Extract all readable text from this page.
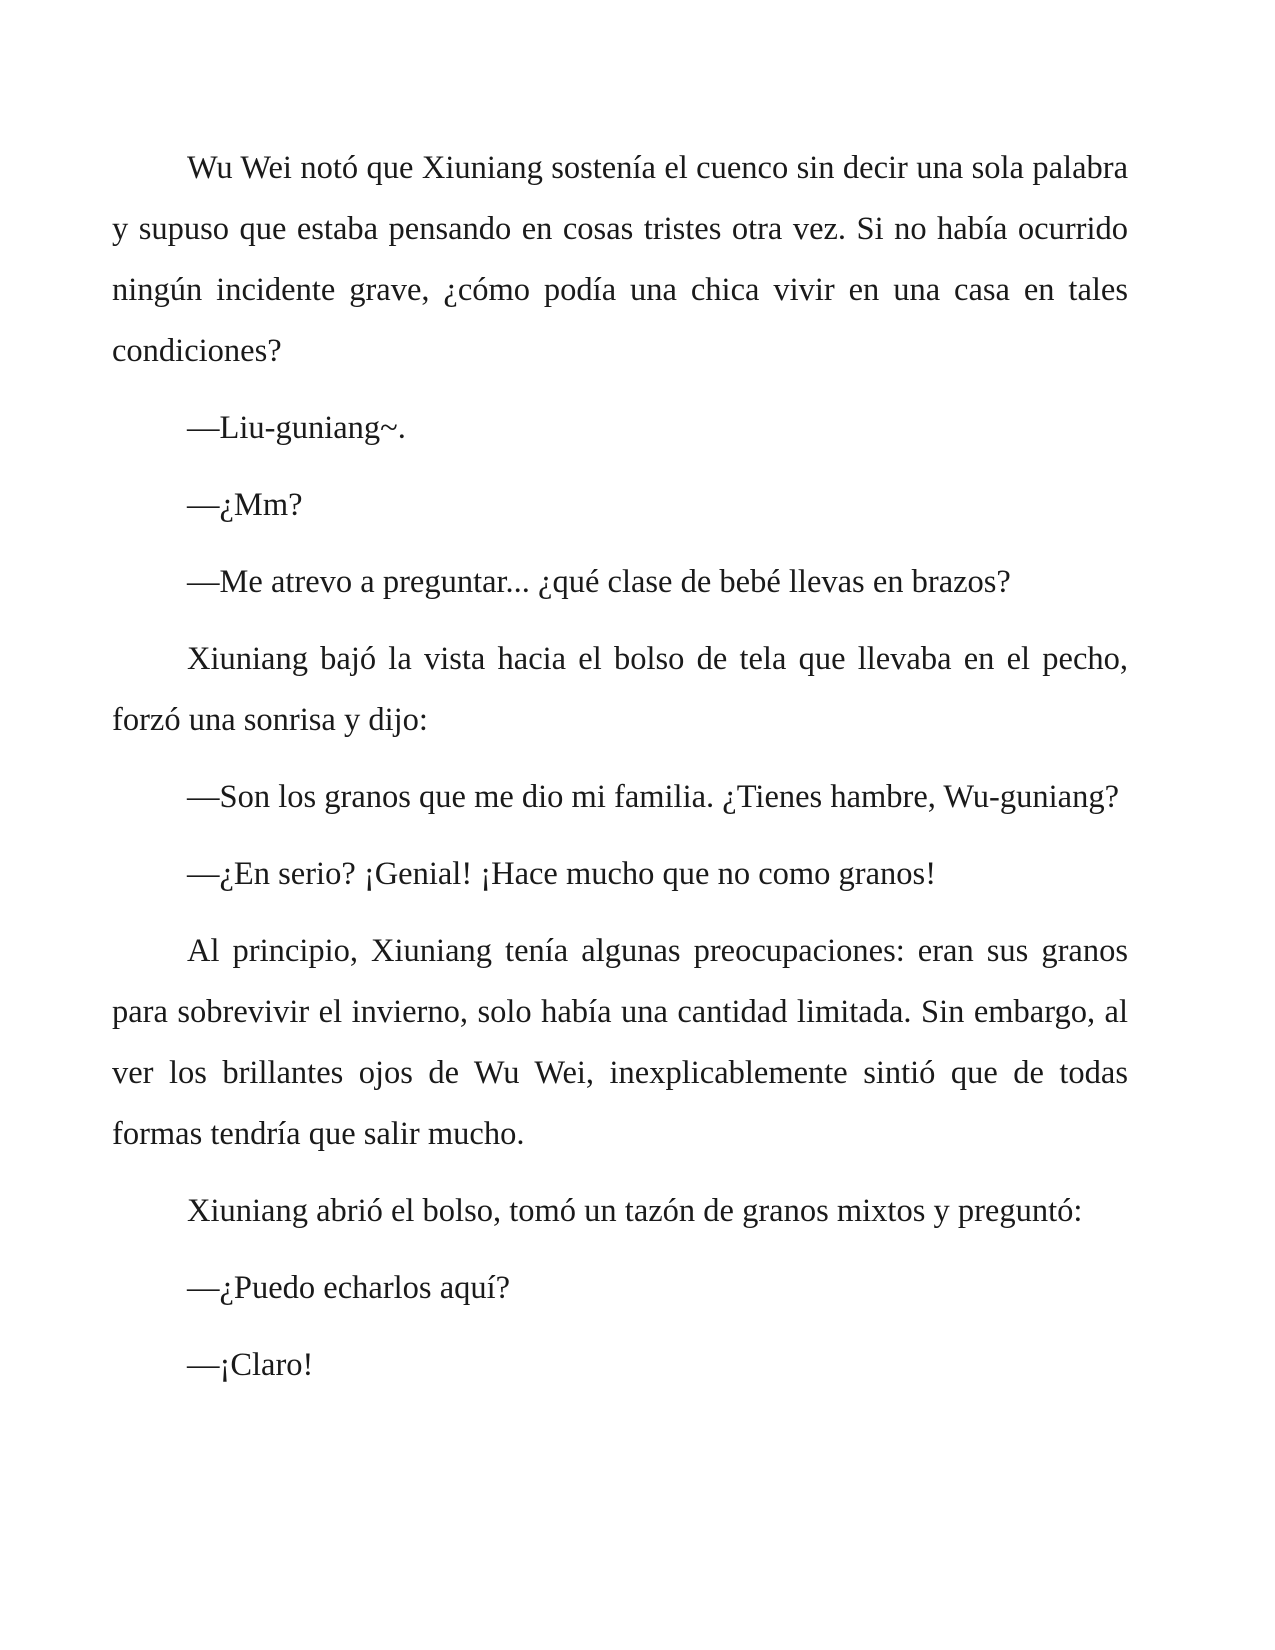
Wu Wei notó que Xiuniang sostenía el cuenco sin decir una sola palabra y supuso que estaba pensando en cosas tristes otra vez. Si no había ocurrido ningún incidente grave, ¿cómo podía una chica vivir en una casa en tales condiciones?

—Liu-guniang~.

—¿Mm?

—Me atrevo a preguntar... ¿qué clase de bebé llevas en brazos?

Xiuniang bajó la vista hacia el bolso de tela que llevaba en el pecho, forzó una sonrisa y dijo:

—Son los granos que me dio mi familia. ¿Tienes hambre, Wu-guniang?

—¿En serio? ¡Genial! ¡Hace mucho que no como granos!

Al principio, Xiuniang tenía algunas preocupaciones: eran sus granos para sobrevivir el invierno, solo había una cantidad limitada. Sin embargo, al ver los brillantes ojos de Wu Wei, inexplicablemente sintió que de todas formas tendría que salir mucho.

Xiuniang abrió el bolso, tomó un tazón de granos mixtos y preguntó:

—¿Puedo echarlos aquí?

—¡Claro!
